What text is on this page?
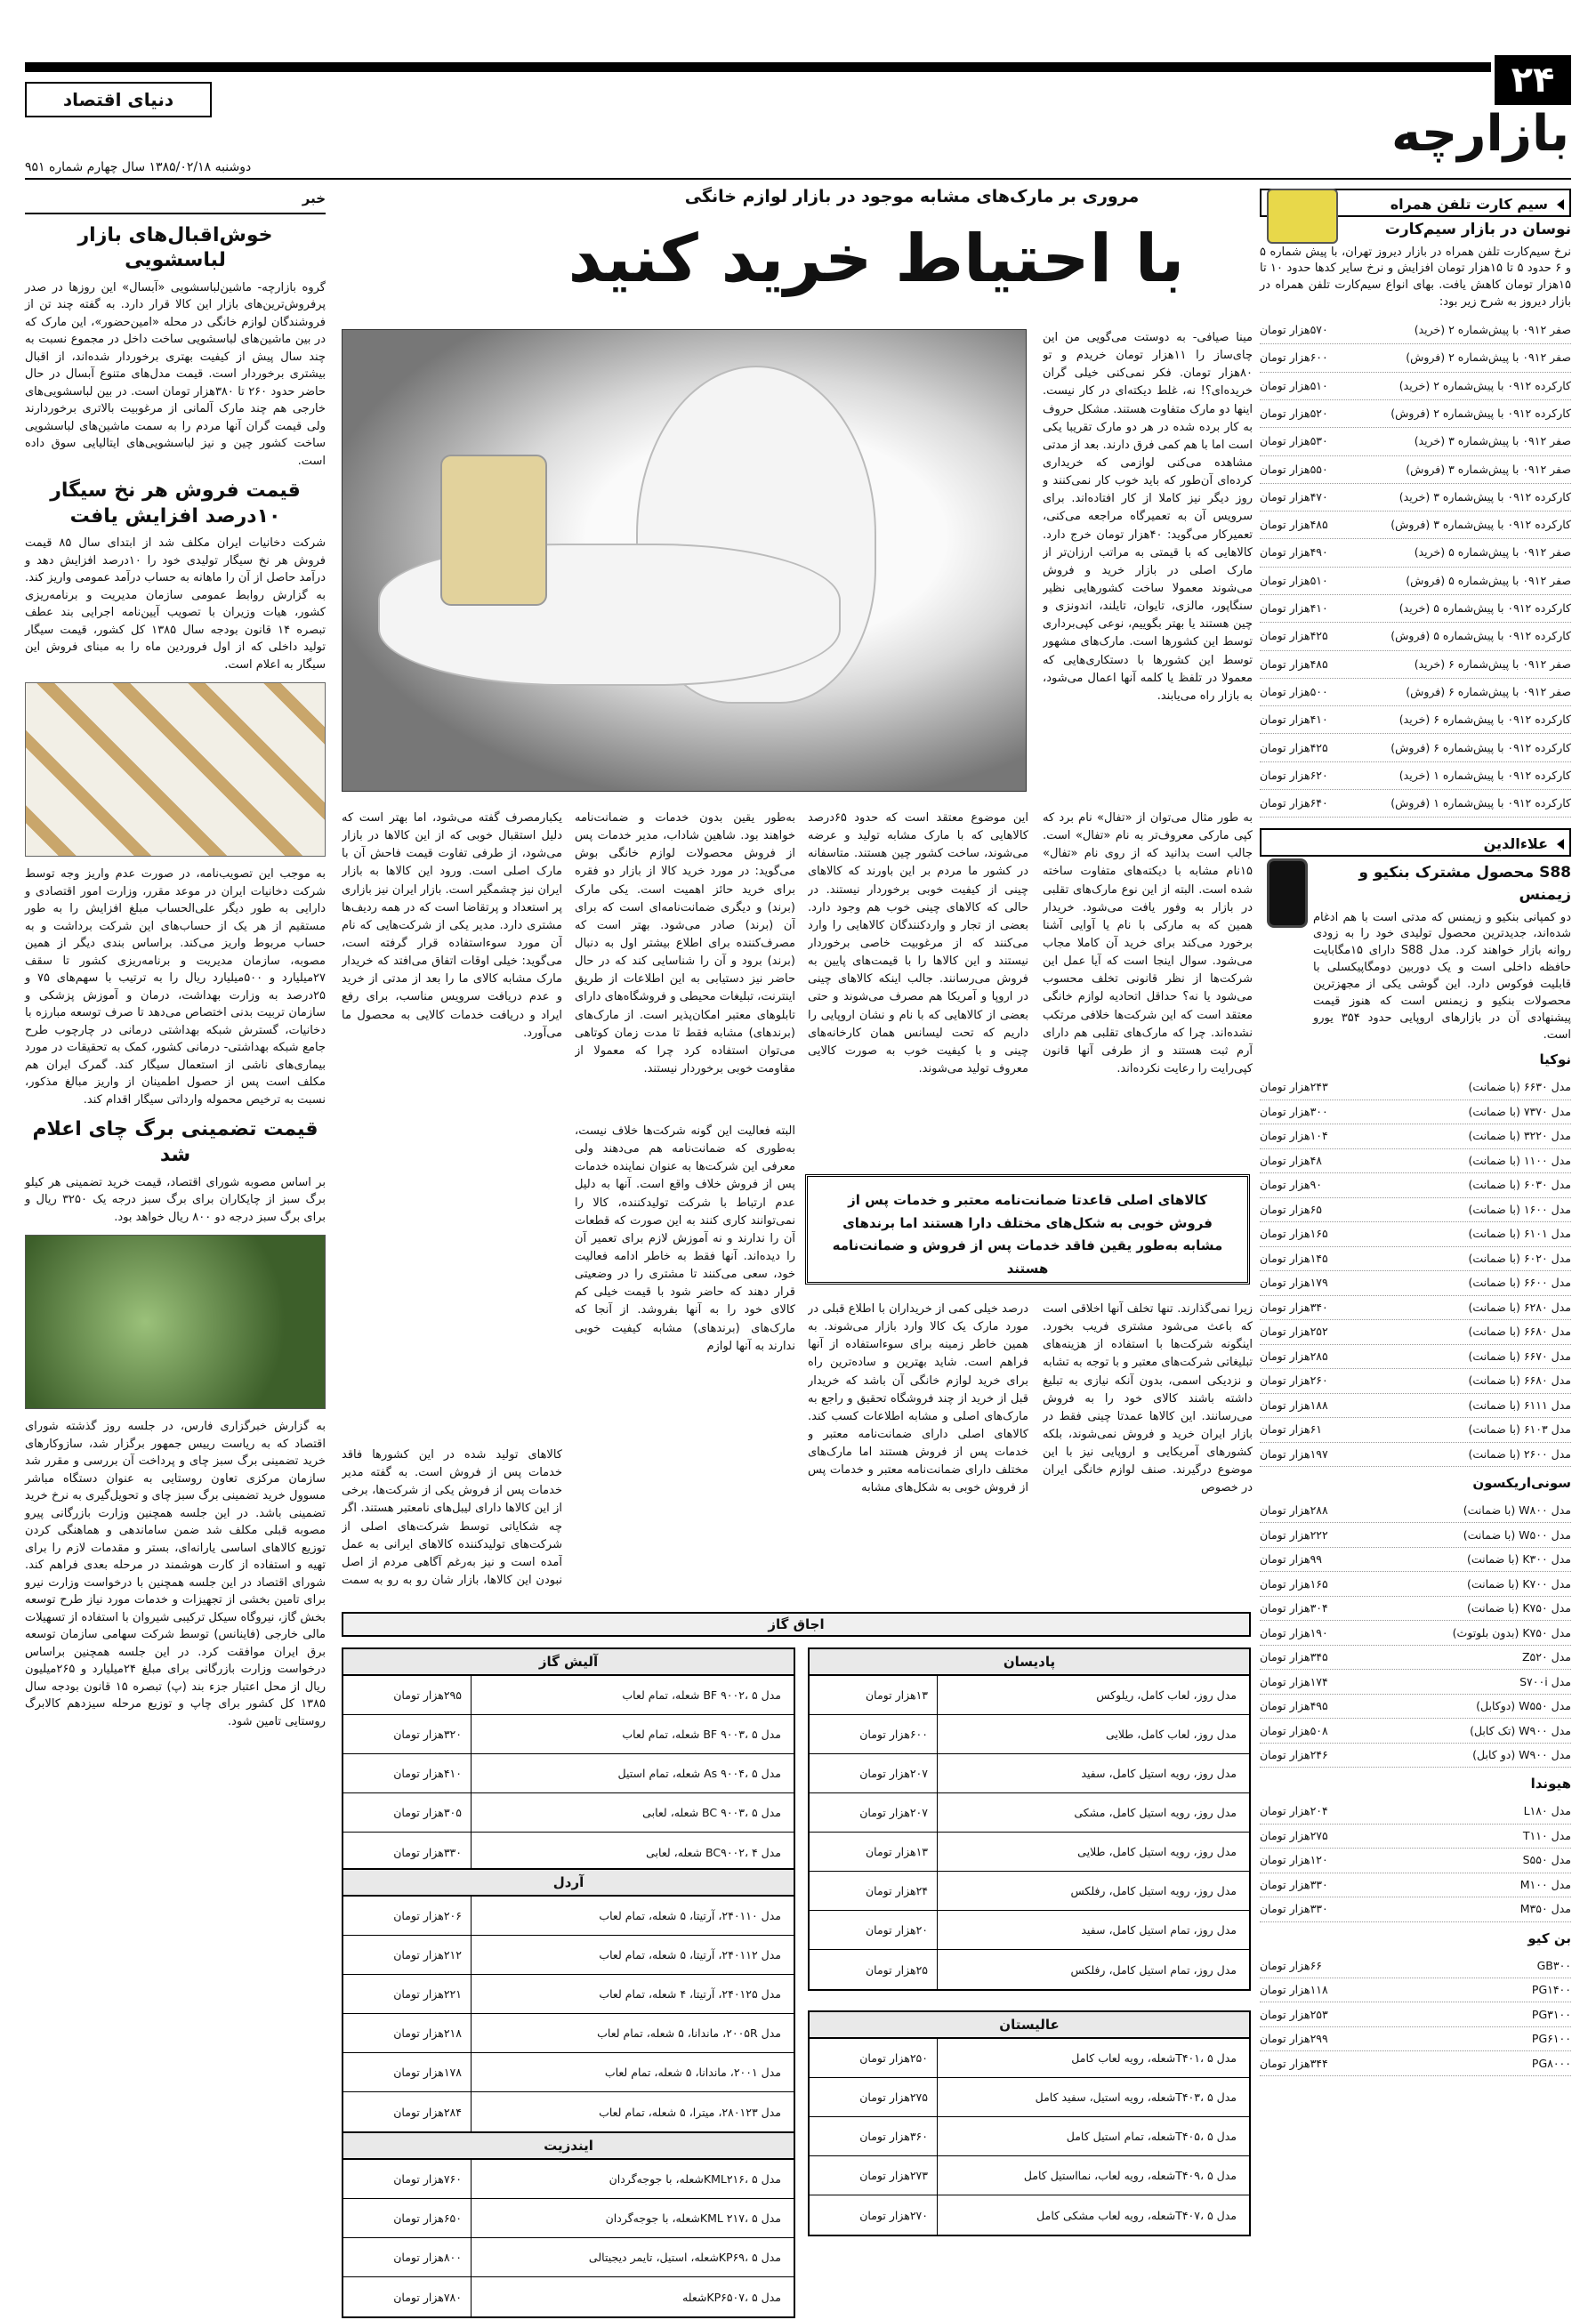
۲۴
دنیای اقتصاد
بازارچه
دوشنبه ۱۳۸۵/۰۲/۱۸ سال چهارم شماره ۹۵۱
سیم کارت تلفن همراه
نوسان در بازار سیم‌کارت

نرخ سیم‌کارت تلفن همراه در بازار دیروز تهران، با پیش شماره ۵ و ۶ حدود ۵ تا ۱۵هزار تومان افزایش و نرخ سایر کدها حدود ۱۰ تا ۱۵هزار تومان کاهش یافت. بهای انواع سیم‌کارت تلفن همراه در بازار دیروز به شرح زیر بود:

صفر ۰۹۱۲ با پیش‌شماره ۲ (خرید)
۵۷۰هزار تومان
صفر ۰۹۱۲ با پیش‌شماره ۲ (فروش)
۶۰۰هزار تومان
کارکرده ۰۹۱۲ با پیش‌شماره ۲ (خرید)
۵۱۰هزار تومان
کارکرده ۰۹۱۲ با پیش‌شماره ۲ (فروش)
۵۲۰هزار تومان
صفر ۰۹۱۲ با پیش‌شماره ۳ (خرید)
۵۳۰هزار تومان
صفر ۰۹۱۲ با پیش‌شماره ۳ (فروش)
۵۵۰هزار تومان
کارکرده ۰۹۱۲ با پیش‌شماره ۳ (خرید)
۴۷۰هزار تومان
کارکرده ۰۹۱۲ با پیش‌شماره ۳ (فروش)
۴۸۵هزار تومان
صفر ۰۹۱۲ با پیش‌شماره ۵ (خرید)
۴۹۰هزار تومان
صفر ۰۹۱۲ با پیش‌شماره ۵ (فروش)
۵۱۰هزار تومان
کارکرده ۰۹۱۲ با پیش‌شماره ۵ (خرید)
۴۱۰هزار تومان
کارکرده ۰۹۱۲ با پیش‌شماره ۵ (فروش)
۴۲۵هزار تومان
صفر ۰۹۱۲ با پیش‌شماره ۶ (خرید)
۴۸۵هزار تومان
صفر ۰۹۱۲ با پیش‌شماره ۶ (فروش)
۵۰۰هزار تومان
کارکرده ۰۹۱۲ با پیش‌شماره ۶ (خرید)
۴۱۰هزار تومان
کارکرده ۰۹۱۲ با پیش‌شماره ۶ (فروش)
۴۲۵هزار تومان
کارکرده ۰۹۱۲ با پیش‌شماره ۱ (خرید)
۶۲۰هزار تومان
کارکرده ۰۹۱۲ با پیش‌شماره ۱ (فروش)
۶۴۰هزار تومان
علاءالدین
S88 محصول مشترک بنکیو و زیمنس

دو کمپانی بنکیو و زیمنس که مدتی است با هم ادغام شده‌اند، جدیدترین محصول تولیدی خود را به زودی روانه بازار خواهند کرد. مدل S88 دارای ۱۵مگابایت حافظه داخلی است و یک دوربین دومگاپیکسلی با قابلیت فوکوس دارد. این گوشی یکی از مجهزترین محصولات بنکیو و زیمنس است که هنوز قیمت پیشنهادی آن در بازارهای اروپایی حدود ۳۵۴ یورو است.

نوکیا
مدل ۶۶۳۰ (با ضمانت)
۲۴۳هزار تومان
مدل ۷۳۷۰ (با ضمانت)
۳۰۰هزار تومان
مدل ۳۲۲۰ (با ضمانت)
۱۰۴هزار تومان
مدل ۱۱۰۰ (با ضمانت)
۴۸هزار تومان
مدل ۶۰۳۰ (با ضمانت)
۹۰هزار تومان
مدل ۱۶۰۰ (با ضمانت)
۶۵هزار تومان
مدل ۶۱۰۱ (با ضمانت)
۱۶۵هزار تومان
مدل ۶۰۲۰ (با ضمانت)
۱۴۵هزار تومان
مدل ۶۶۰۰ (با ضمانت)
۱۷۹هزار تومان
مدل ۶۲۸۰ (با ضمانت)
۳۴۰هزار تومان
مدل ۶۶۸۰ (با ضمانت)
۲۵۲هزار تومان
مدل ۶۶۷۰ (با ضمانت)
۲۸۵هزار تومان
مدل ۶۶۸۰ (با ضمانت)
۲۶۰هزار تومان
مدل ۶۱۱۱ (با ضمانت)
۱۸۸هزار تومان
مدل ۶۱۰۳ (با ضمانت)
۶۱هزار تومان
مدل ۲۶۰۰ (با ضمانت)
۱۹۷هزار تومان
سونی‌اریکسون
مدل W۸۰۰ (با ضمانت)
۲۸۸هزار تومان
مدل W۵۰۰ (با ضمانت)
۲۲۲هزار تومان
مدل K۳۰۰ (با ضمانت)
۹۹هزار تومان
مدل K۷۰۰ (با ضمانت)
۱۶۵هزار تومان
مدل K۷۵۰ (با ضمانت)
۳۰۴هزار تومان
مدل K۷۵۰ (بدون بلوتوث)
۱۹۰هزار تومان
مدل Z۵۲۰
۳۴۵هزار تومان
مدل S۷۰۰i
۱۷۴هزار تومان
مدل W۵۵۰ (دوکابل)
۴۹۵هزار تومان
مدل W۹۰۰ (تک کابل)
۵۰۸هزار تومان
مدل W۹۰۰ (دو کابل)
۲۴۶هزار تومان
هیوندا
مدل L۱۸۰
۲۰۴هزار تومان
مدل T۱۱۰
۲۷۵هزار تومان
مدل S۵۵۰
۱۲۰هزار تومان
مدل M۱۰۰
۳۳۰هزار تومان
مدل M۳۵۰
۳۳۰هزار تومان
بن کیو
GB۳۰۰
۶۶هزار تومان
PG۱۴۰۰
۱۱۸هزار تومان
PG۳۱۰۰
۲۵۳هزار تومان
PG۶۱۰۰
۲۹۹هزار تومان
PG۸۰۰۰
۳۴۴هزار تومان
خبر
خوش‌اقبال‌های بازار لباسشویی

گروه بازارچه- ماشین‌لباسشویی «آبسال» این روزها در صدر پرفروش‌ترین‌های بازار این کالا قرار دارد. به گفته چند تن از فروشندگان لوازم خانگی در محله «امین‌حضور»، این مارک که در بین ماشین‌های لباسشویی ساخت داخل در مجموع نسبت به چند سال پیش از کیفیت بهتری برخوردار شده‌اند، از اقبال بیشتری برخوردار است. قیمت مدل‌های متنوع آبسال در حال حاضر حدود ۲۶۰ تا ۳۸۰هزار تومان است. در بین لباسشویی‌های خارجی هم چند مارک آلمانی از مرغوبیت بالاتری برخوردارند ولی قیمت گران آنها مردم را به سمت ماشین‌های لباسشویی ساخت کشور چین و نیز لباسشویی‌های ایتالیایی سوق داده است.

قیمت فروش هر نخ سیگار ۱۰درصد افزایش یافت

شرکت دخانیات ایران مکلف شد از ابتدای سال ۸۵ قیمت فروش هر نخ سیگار تولیدی خود را ۱۰درصد افزایش دهد و درآمد حاصل از آن را ماهانه به حساب درآمد عمومی واریز کند. به گزارش روابط عمومی سازمان مدیریت و برنامه‌ریزی کشور، هیات وزیران با تصویب آیین‌نامه اجرایی بند عطف تبصره ۱۴ قانون بودجه سال ۱۳۸۵ کل کشور، قیمت سیگار تولید داخلی که از اول فروردین ماه را به مبنای فروش این سیگار به اعلام است.

به موجب این تصویب‌نامه، در صورت عدم واریز وجه توسط شرکت دخانیات ایران در موعد مقرر، وزارت امور اقتصادی و دارایی به طور دیگر علی‌الحساب مبلغ افزایش را به طور مستقیم از هر یک از حساب‌های این شرکت برداشت و به حساب مربوط واریز می‌کند. براساس بندی دیگر از همین مصوبه، سازمان مدیریت و برنامه‌ریزی کشور تا سقف ۲۷میلیارد و ۵۰۰میلیارد ریال را به ترتیب با سهم‌های ۷۵ و ۲۵درصد به وزارت بهداشت، درمان و آموزش پزشکی و سازمان تربیت بدنی اختصاص می‌دهد تا صرف توسعه مبارزه با دخانیات، گسترش شبکه بهداشتی درمانی در چارچوب طرح جامع شبکه بهداشتی- درمانی کشور، کمک به تحقیقات در مورد بیماری‌های ناشی از استعمال سیگار کند. گمرک ایران هم مکلف است پس از حصول اطمینان از واریز مبالغ مذکور، نسبت به ترخیص محموله وارداتی سیگار اقدام کند.

قیمت تضمینی برگ چای اعلام شد

بر اساس مصوبه شورای اقتصاد، قیمت خرید تضمینی هر کیلو برگ سبز از چایکاران برای برگ سبز درجه یک ۳۲۵۰ ریال و برای برگ سبز درجه دو ۸۰۰ ریال خواهد بود.

به گزارش خبرگزاری فارس، در جلسه روز گذشته شورای اقتصاد که به ریاست رییس جمهور برگزار شد، سازوکارهای خرید تضمینی برگ سبز چای و پرداخت آن بررسی و مقرر شد سازمان مرکزی تعاون روستایی به عنوان دستگاه مباشر مسوول خرید تضمینی برگ سبز چای و تحویل‌گیری به نرخ خرید تضمینی باشد. در این جلسه همچنین وزارت بازرگانی پیرو مصوبه قبلی مکلف شد ضمن ساماندهی و هماهنگی کردن توزیع کالاهای اساسی یارانه‌ای، بستر و مقدمات لازم را برای تهیه و استفاده از کارت هوشمند در مرحله بعدی فراهم کند. شورای اقتصاد در این جلسه همچنین با درخواست وزارت نیرو برای تامین بخشی از تجهیزات و خدمات مورد نیاز طرح توسعه بخش گاز، نیروگاه سیکل ترکیبی شیروان با استفاده از تسهیلات مالی خارجی (فاینانس) توسط شرکت سهامی سازمان توسعه برق ایران موافقت کرد. در این جلسه همچنین براساس درخواست وزارت بازرگانی برای مبلغ ۲۴میلیارد و ۲۶۵میلیون ریال از محل اعتبار جزء بند (پ) تبصره ۱۵ قانون بودجه سال ۱۳۸۵ کل کشور برای چاپ و توزیع مرحله سیزدهم کالابرگ روستایی تامین شود.

مروری بر مارک‌های مشابه موجود در بازار لوازم خانگی
با احتیاط خرید کنید
مینا صیافی- به دوستت می‌گویی من این چای‌ساز را ۱۱هزار تومان خریدم و تو ۸۰هزار تومان. فکر نمی‌کنی خیلی گران خریده‌ای؟! نه، غلط دیکته‌ای در کار نیست. اینها دو مارک متفاوت هستند. مشکل حروف به کار برده شده در هر دو مارک تقریبا یکی است اما با هم کمی فرق دارند. بعد از مدتی مشاهده می‌کنی لوازمی که خریداری کرده‌ای آن‌طور که باید خوب کار نمی‌کنند و روز دیگر نیز کاملا از کار افتاده‌اند. برای سرویس آن به تعمیرگاه مراجعه می‌کنی، تعمیرکار می‌گوید: ۴۰هزار تومان خرج دارد. کالاهایی که با قیمتی به مراتب ارزان‌تر از مارک اصلی در بازار خرید و فروش می‌شوند معمولا ساخت کشورهایی نظیر سنگاپور، مالزی، تایوان، تایلند، اندونزی و چین هستند یا بهتر بگوییم، نوعی کپی‌برداری توسط این کشورها است. مارک‌های مشهور توسط این کشورها با دستکاری‌هایی که معمولا در تلفظ یا کلمه آنها اعمال می‌شود، به بازار راه می‌یابند.
به طور مثال می‌توان از «تفال» نام برد که کپی مارکی معروف‌تر به نام «تفال» است. جالب است بدانید که از روی نام «تفال» ۱۵نام مشابه با دیکته‌های متفاوت ساخته شده است. البته از این نوع مارک‌های تقلبی در بازار به وفور یافت می‌شود. خریدار همین که به مارکی با نام یا آوایی آشنا برخورد می‌کند برای خرید آن کاملا مجاب می‌شود. سوال اینجا است که آیا عمل این شرکت‌ها از نظر قانونی تخلف محسوب می‌شود یا نه؟ حداقل اتحادیه لوازم خانگی معتقد است که این شرکت‌ها خلافی مرتکب نشده‌اند. چرا که مارک‌های تقلبی هم دارای آرم ثبت هستند و از طرفی آنها قانون کپی‌رایت را رعایت نکرده‌اند.
این موضوع معتقد است که حدود ۶۵درصد کالاهایی که با مارک مشابه تولید و عرضه می‌شوند، ساخت کشور چین هستند. متاسفانه در کشور ما مردم بر این باورند که کالاهای چینی از کیفیت خوبی برخوردار نیستند. در حالی که کالاهای چینی خوب هم وجود دارد. بعضی از تجار و واردکنندگان کالاهایی را وارد می‌کنند که از مرغوبیت خاصی برخوردار نیستند و این کالاها را با قیمت‌های پایین به فروش می‌رسانند. جالب اینکه کالاهای چینی در اروپا و آمریکا هم مصرف می‌شوند و حتی بعضی از کالاهایی که با نام و نشان اروپایی را داریم که تحت لیسانس همان کارخانه‌های چینی و با کیفیت خوب به صورت کالایی معروف تولید می‌شوند.
به‌طور یقین بدون خدمات و ضمانت‌نامه خواهند بود. شاهین شاداب، مدیر خدمات پس از فروش محصولات لوازم خانگی بوش می‌گوید: در مورد خرید کالا از بازار دو فقره برای خرید حائز اهمیت است. یکی مارک (برند) و دیگری ضمانت‌نامه‌ای است که برای آن (برند) صادر می‌شود. بهتر است که مصرف‌کننده برای اطلاع بیشتر اول به دنبال (برند) برود و آن را شناسایی کند که در حال حاضر نیز دستیابی به این اطلاعات از طریق اینترنت، تبلیغات محیطی و فروشگاه‌های دارای تابلوهای معتبر امکان‌پذیر است. از مارک‌های (برندهای) مشابه فقط تا مدت زمان کوتاهی می‌توان استفاده کرد چرا که معمولا از مقاومت خوبی برخوردار نیستند.
یکبارمصرف گفته می‌شود، اما بهتر است که دلیل استقبال خوبی که از این کالاها در بازار می‌شود، از طرفی تفاوت قیمت فاحش آن با مارک اصلی است. ورود این کالاها به بازار ایران نیز چشمگیر است. بازار ایران نیز بازاری پر استعداد و پرتقاضا است که در همه ردیف‌ها مشتری دارد. مدیر یکی از شرکت‌هایی که نام آن مورد سوءاستفاده قرار گرفته است، می‌گوید: خیلی اوقات اتفاق می‌افتد که خریدار مارک مشابه کالای ما را بعد از مدتی از خرید و عدم دریافت سرویس مناسب، برای رفع ایراد و دریافت خدمات کالایی به محصول ما می‌آورد.
البته فعالیت این گونه شرکت‌ها خلاف نیست، به‌طوری که ضمانت‌نامه هم می‌دهند ولی معرفی این شرکت‌ها به عنوان نماینده خدمات پس از فروش خلاف واقع است. آنها به دلیل عدم ارتباط با شرکت تولیدکننده، کالا را نمی‌توانند کاری کنند به این صورت که قطعات آن را ندارند و نه آموزش لازم برای تعمیر آن را دیده‌اند. آنها فقط به خاطر ادامه فعالیت خود، سعی می‌کنند تا مشتری را در وضعیتی قرار دهند که حاضر شود با قیمت خیلی کم کالای خود را به آنها بفروشد. از آنجا که مارک‌های (برندهای) مشابه کیفیت خوبی ندارند به آنها لوازم
کالاهای تولید شده در این کشورها فاقد خدمات پس از فروش است. به گفته مدیر خدمات پس از فروش یکی از شرکت‌ها، برخی از این کالاها دارای لیبل‌های نامعتبر هستند. اگر چه شکایاتی توسط شرکت‌های اصلی از شرکت‌های تولیدکننده کالاهای ایرانی به عمل آمده است و نیز به‌رغم آگاهی مردم از اصل نبودن این کالاها، بازار شان رو به رو به سمت
کالاهای اصلی قاعدتا ضمانت‌نامه معتبر و خدمات پس از فروش خوبی به شکل‌های مختلف دارا هستند اما برندهای مشابه به‌طور یقین فاقد خدمات پس از فروش و ضمانت‌نامه هستند
زیرا نمی‌گذارند. تنها تخلف آنها اخلاقی است که باعث می‌شود مشتری فریب بخورد. اینگونه شرکت‌ها با استفاده از هزینه‌های تبلیغاتی شرکت‌های معتبر و با توجه به تشابه و نزدیکی اسمی، بدون آنکه نیازی به تبلیغ داشته باشند کالای خود را به فروش می‌رسانند. این کالاها عمدتا چینی فقط در بازار ایران خرید و فروش نمی‌شوند، بلکه کشورهای آمریکایی و اروپایی نیز با این موضوع درگیرند. صنف لوازم خانگی ایران در خصوص
درصد خیلی کمی از خریداران با اطلاع قبلی در مورد مارک یک کالا وارد بازار می‌شوند. به همین خاطر زمینه برای سوءاستفاده از آنها فراهم است. شاید بهترین و ساده‌ترین راه برای خرید لوازم خانگی آن باشد که خریدار قبل از خرید از چند فروشگاه تحقیق و راجع به مارک‌های اصلی و مشابه اطلاعات کسب کند. کالاهای اصلی دارای ضمانت‌نامه معتبر و خدمات پس از فروش هستند اما مارک‌های مختلف دارای ضمانت‌نامه معتبر و خدمات پس از فروش خوبی به شکل‌های مشابه
اجاق گاز
پادیسان
مدل روز، لعاب کامل، ریلوکس
۱۳هزار تومان
مدل روز، لعاب کامل، طلایی
۶۰۰هزار تومان
مدل روز، رویه استیل کامل، سفید
۲۰۷هزار تومان
مدل روز، رویه استیل کامل، مشکی
۲۰۷هزار تومان
مدل روز، رویه استیل کامل، طلایی
۱۳هزار تومان
مدل روز، رویه استیل کامل، رفلکس
۲۴هزار تومان
مدل روز، تمام استیل کامل، سفید
۲۰هزار تومان
مدل روز، تمام استیل کامل، رفلکس
۲۵هزار تومان
آلیش گاز
مدل BF ۹۰۰۲، ۵ شعله، تمام لعاب
۲۹۵هزار تومان
مدل BF ۹۰۰۳، ۵ شعله، تمام لعاب
۳۲۰هزار تومان
مدل As ۹۰۰۴، ۵ شعله، تمام استیل
۴۱۰هزار تومان
مدل BC ۹۰۰۳، ۵ شعله، لعابی
۳۰۵هزار تومان
مدل BC۹۰۰۲، ۴ شعله، لعابی
۳۳۰هزار تومان
آردل
مدل ۲۴۰۱۱۰، آرتیتا، ۵ شعله، تمام لعاب
۲۰۶هزار تومان
مدل ۲۴۰۱۱۲، آرتیتا، ۵ شعله، تمام لعاب
۲۱۲هزار تومان
مدل ۲۴۰۱۲۵، آرتیتا، ۴ شعله، تمام لعاب
۲۲۱هزار تومان
مدل ۲۰۰۵R، ماندانا، ۵ شعله، تمام لعاب
۲۱۸هزار تومان
مدل ۲۰۰۱، ماندانا، ۵ شعله، تمام لعاب
۱۷۸هزار تومان
مدل ۲۸۰۱۲۳، میترا، ۵ شعله، تمام لعاب
۲۸۴هزار تومان
عالیستان
مدل T۴۰۱، ۵شعله، رویه لعاب کامل
۲۵۰هزار تومان
مدل T۴۰۳، ۵شعله، رویه استیل، سفید کامل
۲۷۵هزار تومان
مدل T۴۰۵، ۵شعله، تمام استیل کامل
۳۶۰هزار تومان
مدل T۴۰۹، ۵شعله، رویه لعاب، نمااستیل کامل
۲۷۳هزار تومان
مدل T۴۰۷، ۵شعله، رویه لعاب مشکی کامل
۲۷۰هزار تومان
ایندزیت
مدل KML۲۱۶، ۵شعله، با جوجه‌گردان
۷۶۰هزار تومان
مدل KML ۲۱۷، ۵شعله، با جوجه‌گردان
۶۵۰هزار تومان
مدل KP۶۹، ۵شعله، استیل، تایمر دیجیتالی
۸۰۰هزار تومان
مدل KP۶۵۰۷، ۵شعله
۷۸۰هزار تومان
